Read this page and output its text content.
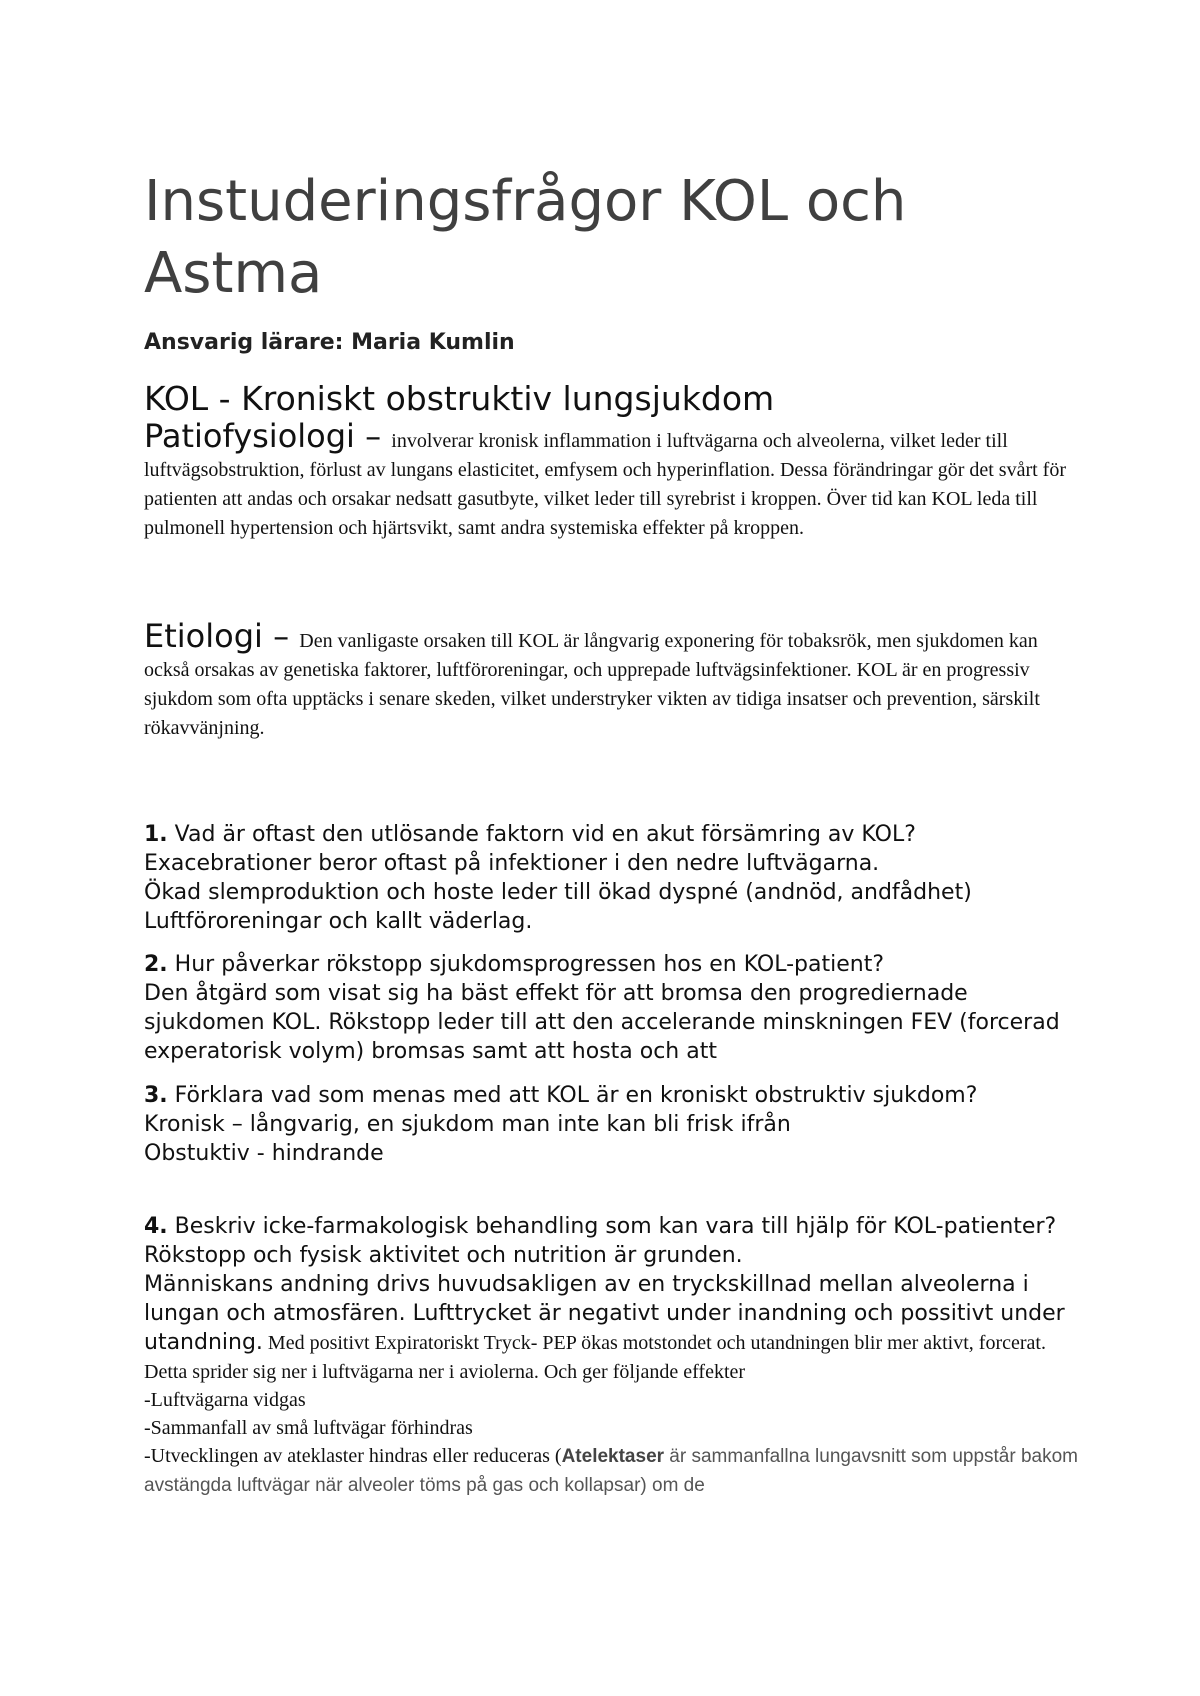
Instuderingsfrågor KOL och Astma
Ansvarig lärare: Maria Kumlin
KOL - Kroniskt obstruktiv lungsjukdom
Patiofysiologi – involverar kronisk inflammation i luftvägarna och alveolerna, vilket leder till luftvägsobstruktion, förlust av lungans elasticitet, emfysem och hyperinflation. Dessa förändringar gör det svårt för patienten att andas och orsakar nedsatt gasutbyte, vilket leder till syrebrist i kroppen. Över tid kan KOL leda till pulmonell hypertension och hjärtsvikt, samt andra systemiska effekter på kroppen.
Etiologi – Den vanligaste orsaken till KOL är långvarig exponering för tobaksrök, men sjukdomen kan också orsakas av genetiska faktorer, luftföroreningar, och upprepade luftvägsinfektioner. KOL är en progressiv sjukdom som ofta upptäcks i senare skeden, vilket understryker vikten av tidiga insatser och prevention, särskilt rökavvänjning.
1. Vad är oftast den utlösande faktorn vid en akut försämring av KOL?
Exacebrationer beror oftast på infektioner i den nedre luftvägarna.
Ökad slemproduktion och hoste leder till ökad dyspné (andnöd, andfådhet)
Luftföroreningar och kallt väderlag.
2. Hur påverkar rökstopp sjukdomsprogressen hos en KOL-patient?
Den åtgärd som visat sig ha bäst effekt för att bromsa den progrediernade sjukdomen KOL. Rökstopp leder till att den accelerande minskningen FEV (forcerad experatorisk volym) bromsas samt att hosta och att
3. Förklara vad som menas med att KOL är en kroniskt obstruktiv sjukdom?
Kronisk – långvarig, en sjukdom man inte kan bli frisk ifrån
Obstuktiv - hindrande
4. Beskriv icke-farmakologisk behandling som kan vara till hjälp för KOL-patienter?
Rökstopp och fysisk aktivitet och nutrition är grunden.
Människans andning drivs huvudsakligen av en tryckskillnad mellan alveolerna i lungan och atmosfären. Lufttrycket är negativt under inandning och possitivt under utandning. Med positivt Expiratoriskt Tryck- PEP ökas motstondet och utandningen blir mer aktivt, forcerat. Detta sprider sig ner i luftvägarna ner i aviolerna. Och ger följande effekter
-Luftvägarna vidgas
-Sammanfall av små luftvägar förhindras
-Utvecklingen av ateklaster hindras eller reduceras (Atelektaser är sammanfallna lungavsnitt som uppstår bakom avstängda luftvägar när alveoler töms på gas och kollapsar) om de
